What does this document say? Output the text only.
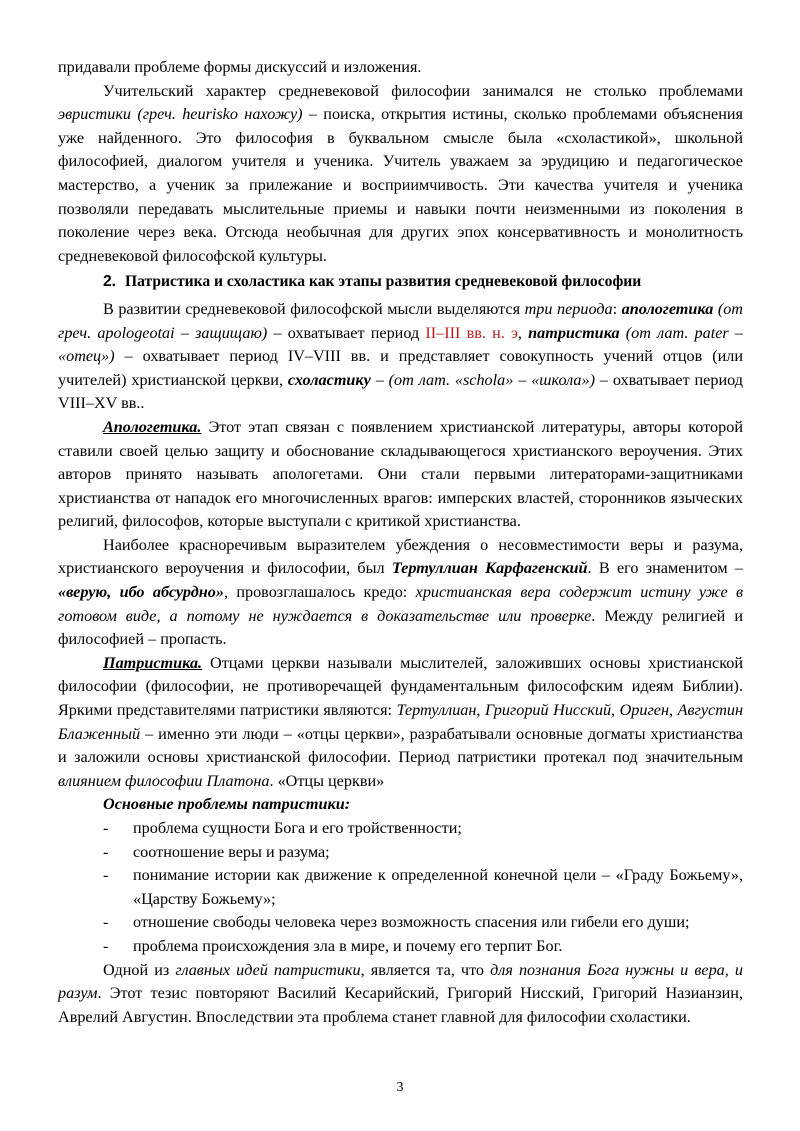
придавали проблеме формы дискуссий и изложения.

Учительский характер средневековой философии занимался не столько проблемами эвристики (греч. heurisko нахожу) – поиска, открытия истины, сколько проблемами объяснения уже найденного. Это философия в буквальном смысле была «схоластикой», школьной философией, диалогом учителя и ученика. Учитель уважаем за эрудицию и педагогическое мастерство, а ученик за прилежание и восприимчивость. Эти качества учителя и ученика позволяли передавать мыслительные приемы и навыки почти неизменными из поколения в поколение через века. Отсюда необычная для других эпох консервативность и монолитность средневековой философской культуры.

2. Патристика и схоластика как этапы развития средневековой философии

В развитии средневековой философской мысли выделяются три периода: апологетика (от греч. apologeotai – защищаю) – охватывает период II–III вв. н. э, патристика (от лат. pater – «отец») – охватывает период IV–VIII вв. и представляет совокупность учений отцов (или учителей) христианской церкви, схоластику – (от лат. «schola» – «школа») – охватывает период VIII–XV вв..

Апологетика. Этот этап связан с появлением христианской литературы, авторы которой ставили своей целью защиту и обоснование складывающегося христианского вероучения. Этих авторов принято называть апологетами. Они стали первыми литераторами-защитниками христианства от нападок его многочисленных врагов: имперских властей, сторонников языческих религий, философов, которые выступали с критикой христианства.

Наиболее красноречивым выразителем убеждения о несовместимости веры и разума, христианского вероучения и философии, был Тертуллиан Карфагенский. В его знаменитом – «верую, ибо абсурдно», провозглашалось кредо: христианская вера содержит истину уже в готовом виде, а потому не нуждается в доказательстве или проверке. Между религией и философией – пропасть.

Патристика. Отцами церкви называли мыслителей, заложивших основы христианской философии (философии, не противоречащей фундаментальным философским идеям Библии). Яркими представителями патристики являются: Тертуллиан, Григорий Нисский, Ориген, Августин Блаженный – именно эти люди – «отцы церкви», разрабатывали основные догматы христианства и заложили основы христианской философии. Период патристики протекал под значительным влиянием философии Платона. «Отцы церкви»

Основные проблемы патристики:

- проблема сущности Бога и его тройственности;
- соотношение веры и разума;
- понимание истории как движение к определенной конечной цели – «Граду Божьему», «Царству Божьему»;
- отношение свободы человека через возможность спасения или гибели его души;
- проблема происхождения зла в мире, и почему его терпит Бог.

Одной из главных идей патристики, является та, что для познания Бога нужны и вера, и разум. Этот тезис повторяют Василий Кесарийский, Григорий Нисский, Григорий Назианзин, Аврелий Августин. Впоследствии эта проблема станет главной для философии схоластики.

3
